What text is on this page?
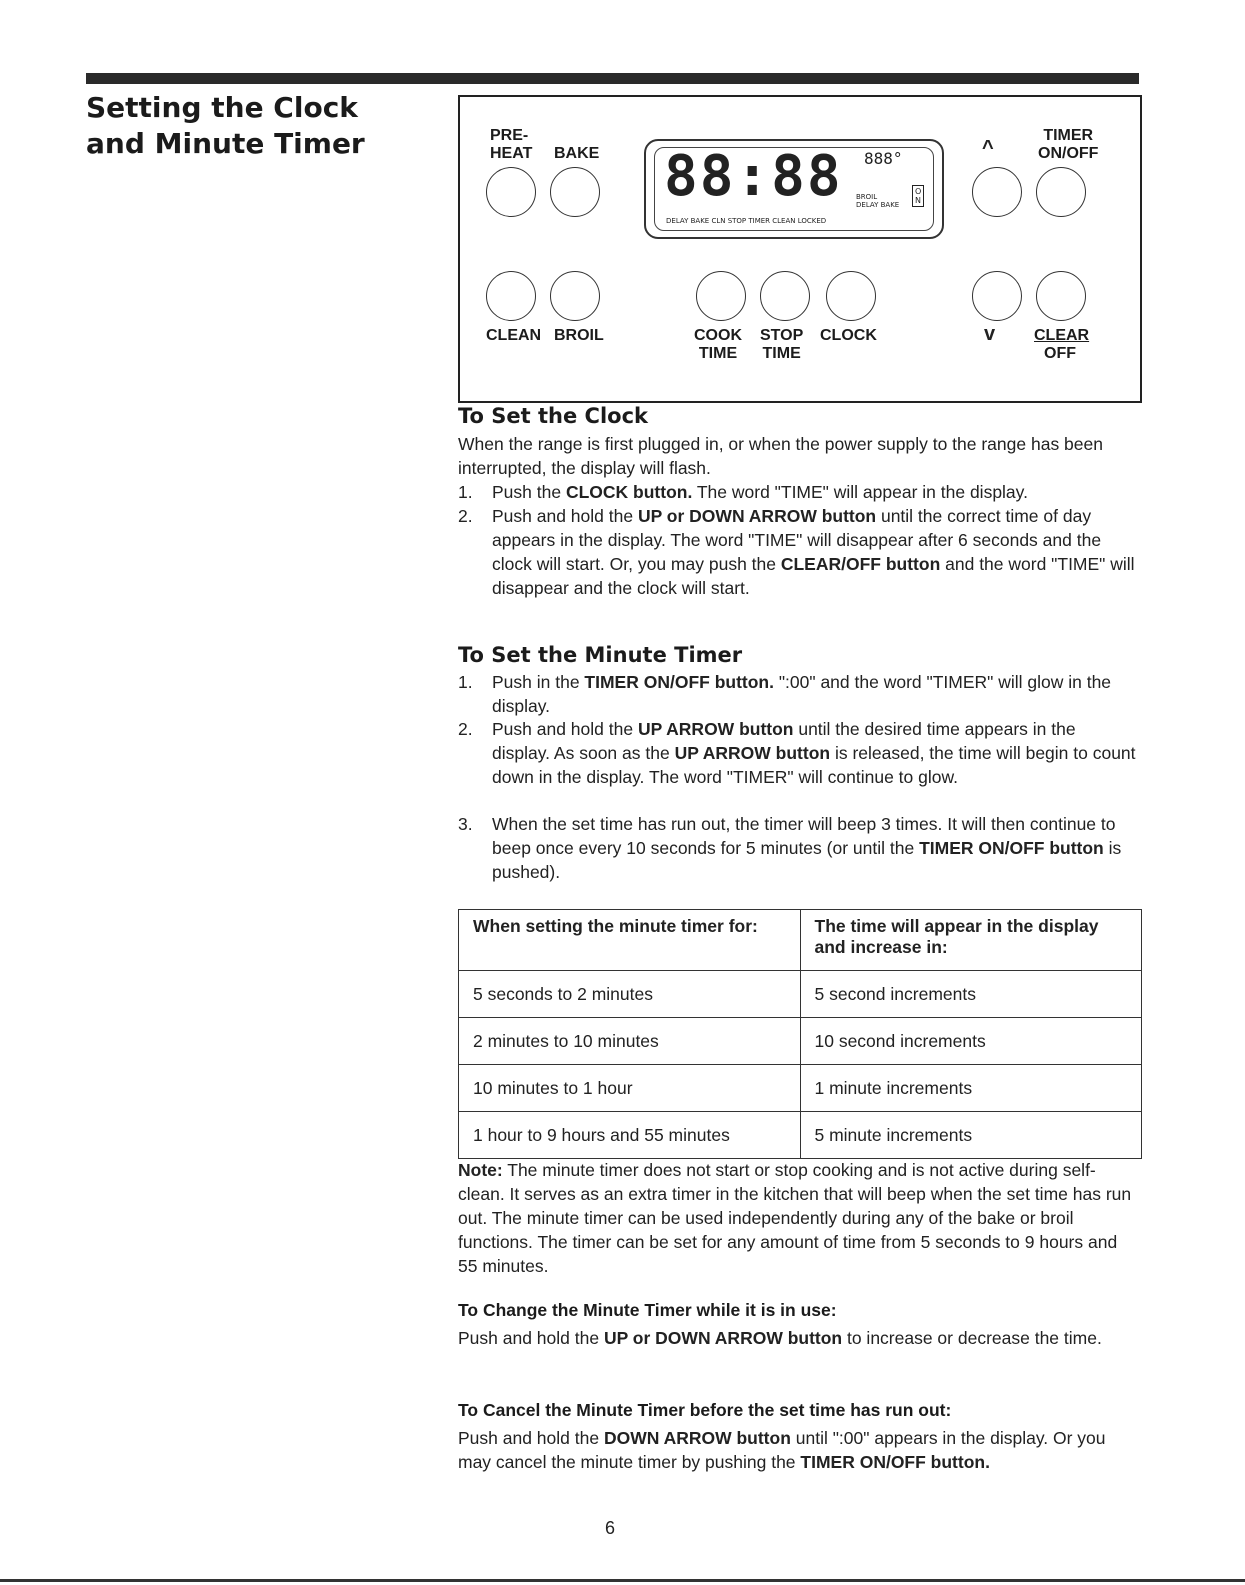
Setting the Clock and Minute Timer	PRE-
HEAT BAKE 88:88 888°
DELAY BAKE CLN STOP TIMER CLEAN LOCKED
BROIL
DELAY BAKE
O
N
^
TIMER
ON/OFF
CLEAN BROIL	COOK
TIME
STOP
TIME
CLOCK	v CLEAR
OFF
To Set the Clock
When the range is first plugged in, or when the power supply to the range has been interrupted, the display will flash.
1. Push the CLOCK button. The word "TIME" will appear in the display.
2. Push and hold the UP or DOWN ARROW button until the correct time of day appears in the display. The word "TIME" will disappear after 6 seconds and the clock will start. Or, you may push the CLEAR/OFF button and the word "TIME" will disappear and the clock will start.
To Set the Minute Timer
1. Push in the TIMER ON/OFF button. ":00" and the word "TIMER" will glow in the display.
2. Push and hold the UP ARROW button until the desired time appears in the display. As soon as the UP ARROW button is released, the time will begin to count down in the display. The word "TIMER" will continue to glow.
3. When the set time has run out, the timer will beep 3 times. It will then continue to beep once every 10 seconds for 5 minutes (or until the TIMER ON/OFF button is pushed).
When setting the minute timer for:	The time will appear in the display and increase in:
5 seconds to 2 minutes	5 second increments
2 minutes to 10 minutes	10 second increments
10 minutes to 1 hour	1 minute increments
1 hour to 9 hours and 55 minutes	5 minute increments
Note: The minute timer does not start or stop cooking and is not active during self-clean. It serves as an extra timer in the kitchen that will beep when the set time has run out. The minute timer can be used independently during any of the bake or broil functions. The timer can be set for any amount of time from 5 seconds to 9 hours and 55 minutes.
To Change the Minute Timer while it is in use:
Push and hold the UP or DOWN ARROW button to increase or decrease the time.
To Cancel the Minute Timer before the set time has run out:
Push and hold the DOWN ARROW button until ":00" appears in the display. Or you may cancel the minute timer by pushing the TIMER ON/OFF button.
6
